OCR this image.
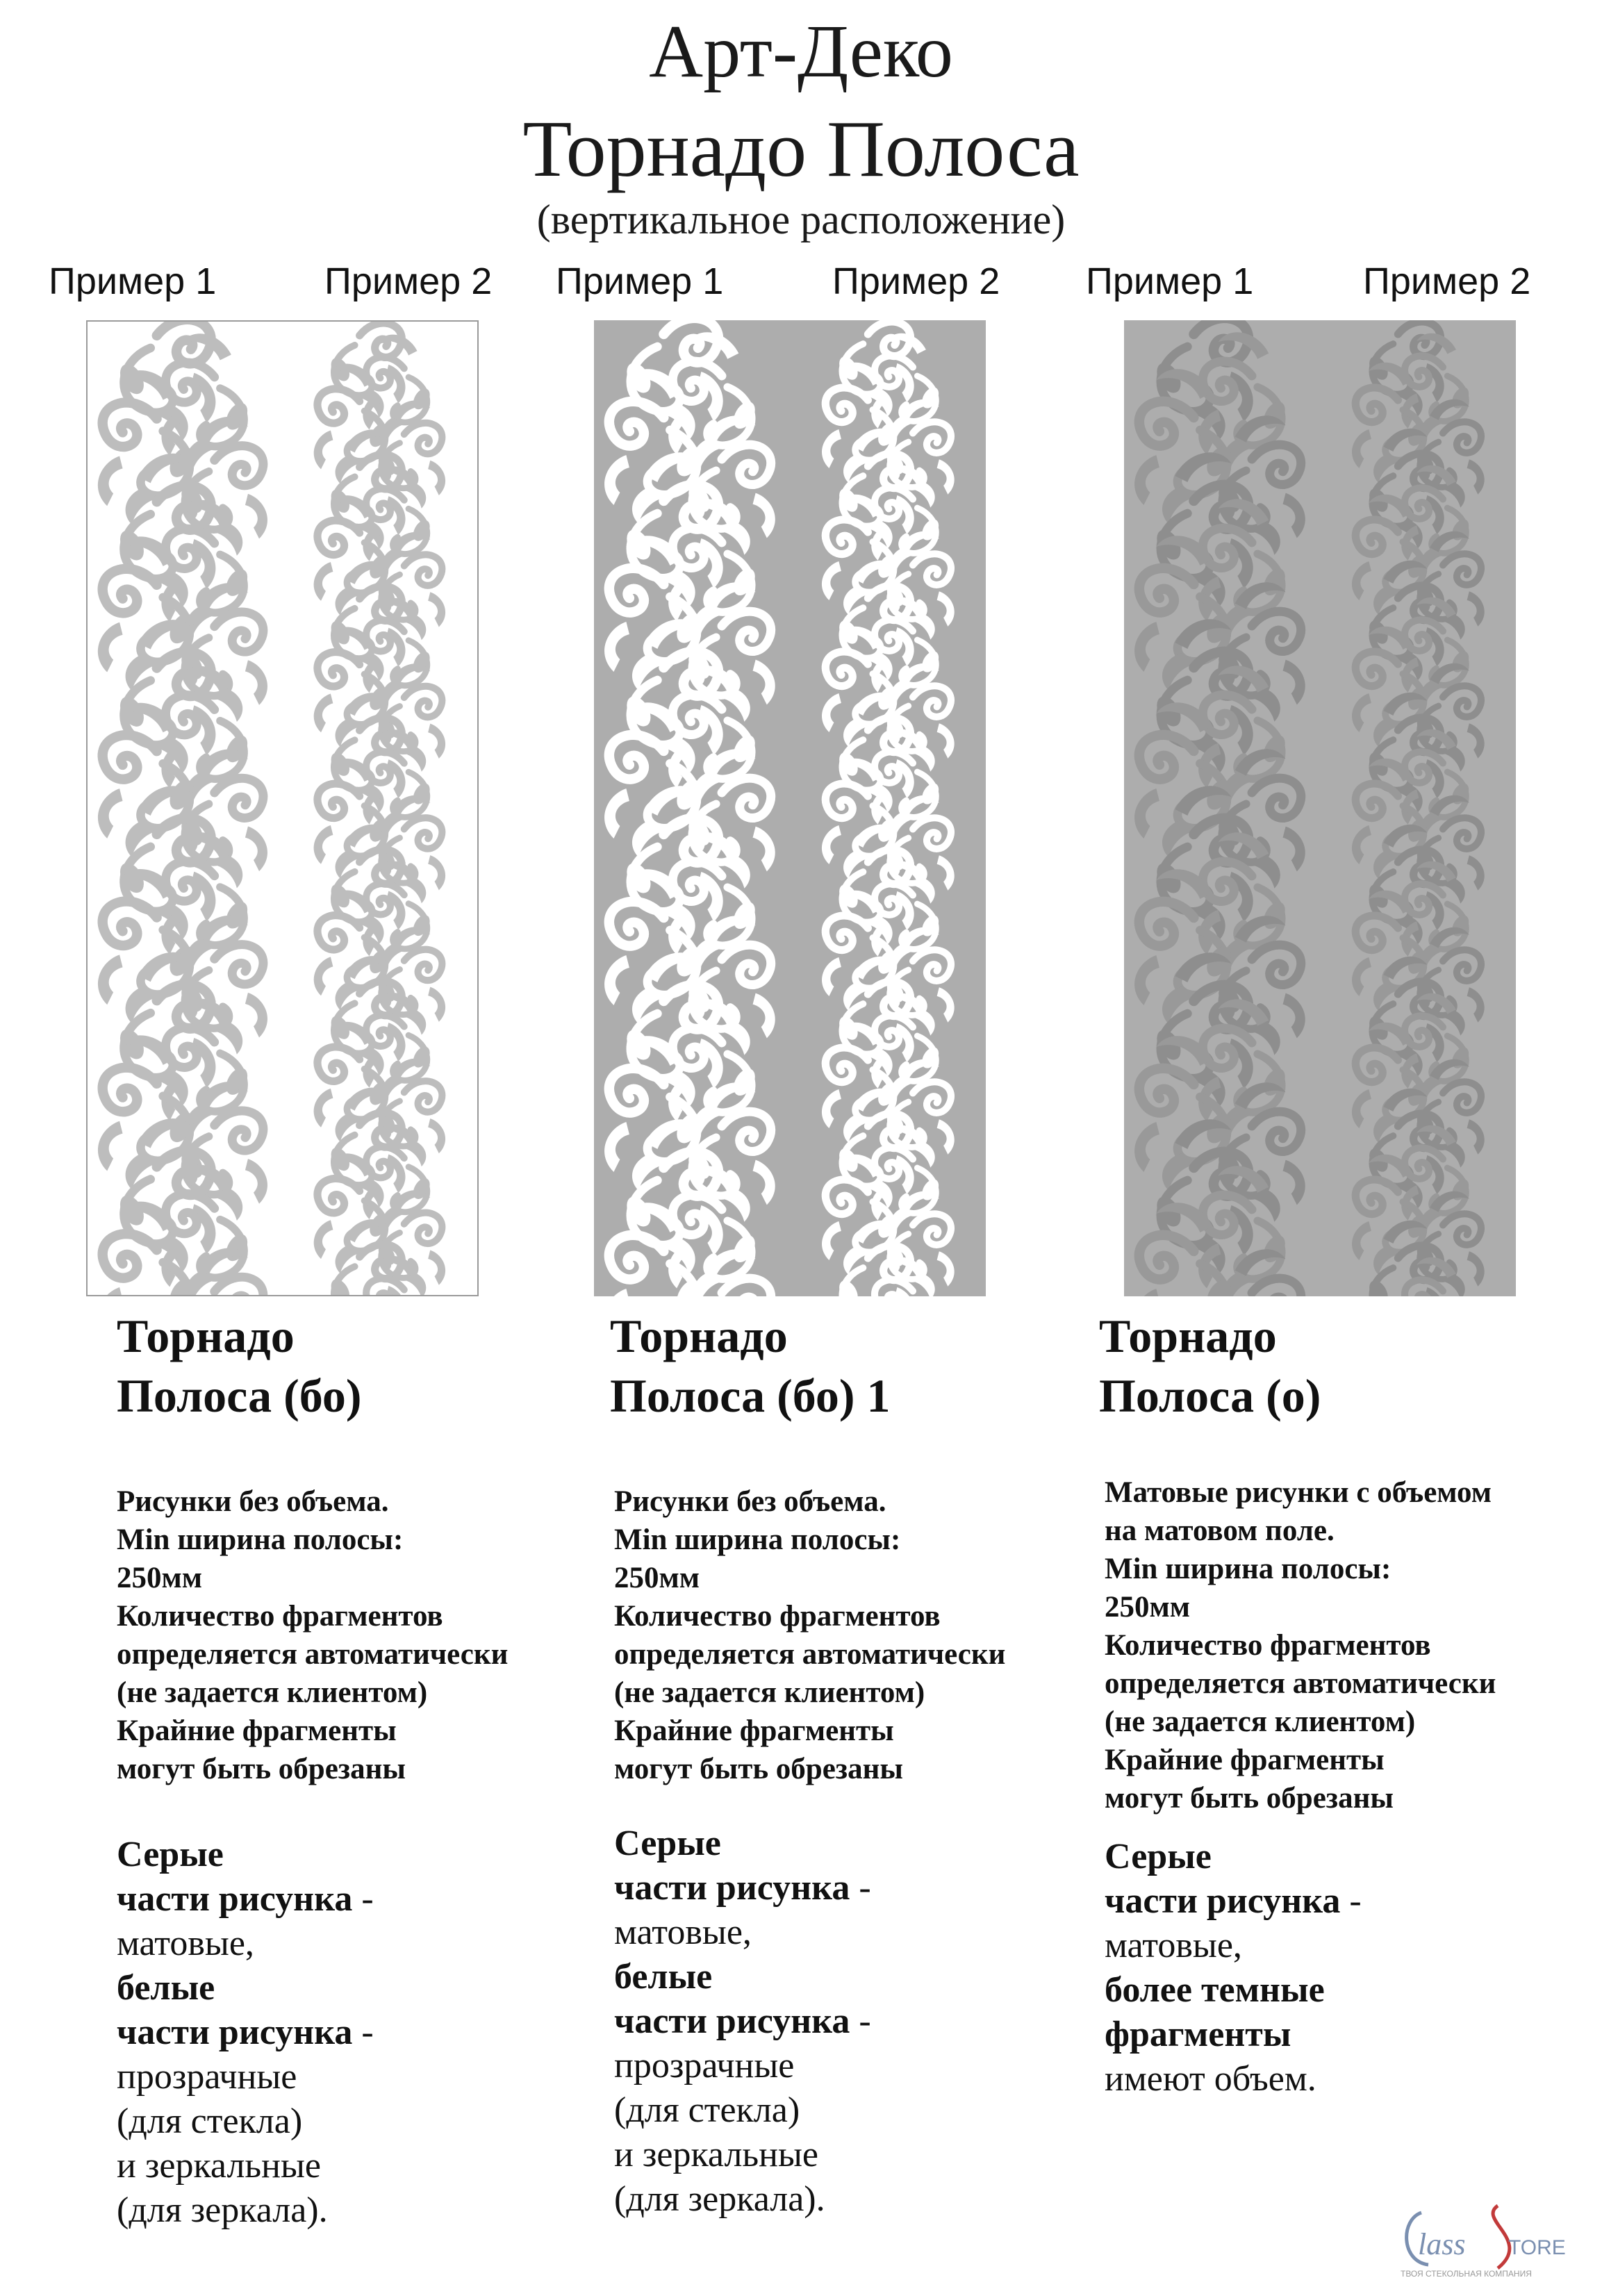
Арт-Деко
Торнадо Полоса
(вертикальное расположение)
Пример 1	Пример 2 Пример 1	Пример 2 Пример 1	Пример 2
Торнадо
Полоса (бо)
Рисунки без объема.
Min ширина полосы:
250мм
Количество фрагментов
определяется автоматически
(не задается клиентом)
Крайние фрагменты
могут быть обрезаны
Серые
части рисунка -
матовые,
белые
части рисунка -
прозрачные
(для стекла)
и зеркальные
(для зеркала).
Торнадо
Полоса (бо) 1
Рисунки без объема.
Min ширина полосы:
250мм
Количество фрагментов
определяется автоматически
(не задается клиентом)
Крайние фрагменты
могут быть обрезаны
Серые
части рисунка -
матовые,
белые
части рисунка -
прозрачные
(для стекла)
и зеркальные
(для зеркала).
Торнадо
Полоса (о)
Матовые рисунки с объемом
на матовом поле.
Min ширина полосы:
250мм
Количество фрагментов
определяется автоматически
(не задается клиентом)
Крайние фрагменты
могут быть обрезаны
Серые
части рисунка -
матовые,
более темные
фрагменты
имеют объем.
lass TORE
ТВОЯ СТЕКОЛЬНАЯ КОМПАНИЯ
